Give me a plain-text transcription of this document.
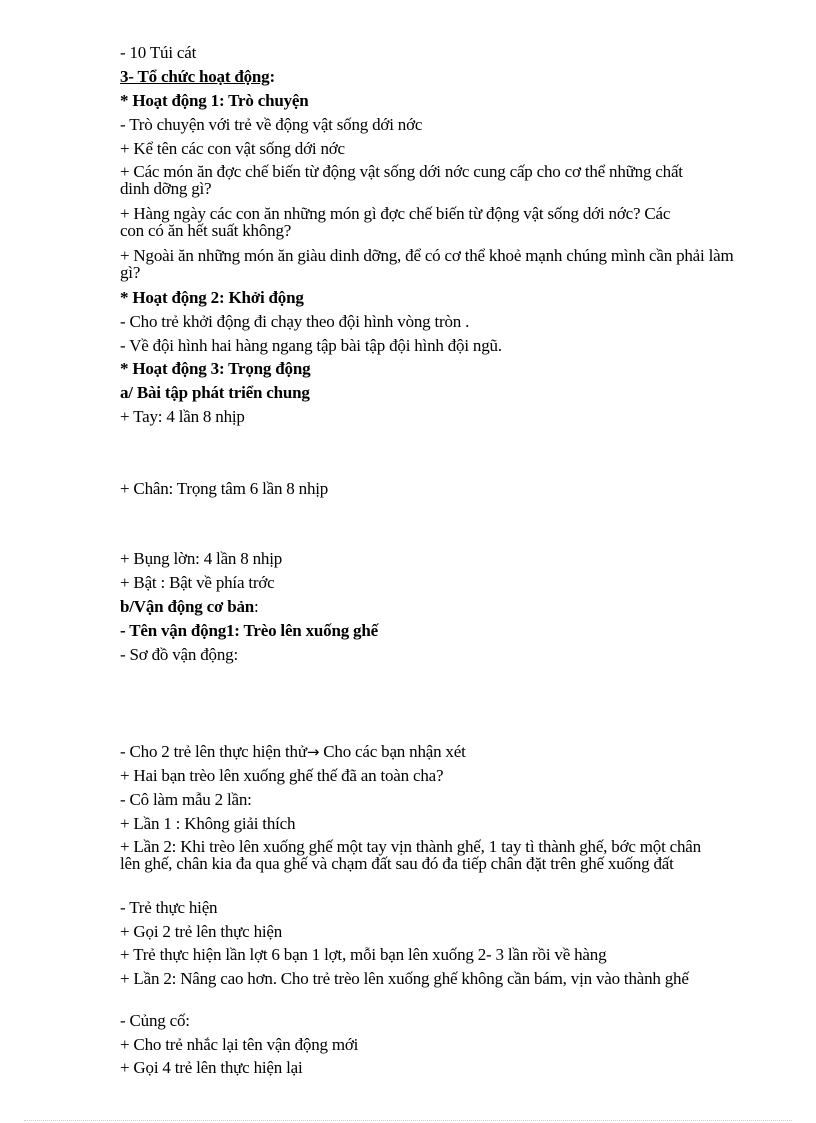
- 10 Túi cát
3- Tổ chức hoạt động:
* Hoạt động 1: Trò chuyện
- Trò chuyện với trẻ về động vật sống dới nớc
+ Kể tên các con vật sống dới nớc
+ Các món ăn đợc chế biến từ động vật sống dới nớc cung cấp cho cơ thể những chất dinh dỡng gì?
+ Hàng ngày các con ăn những món gì đợc chế biến từ động vật sống dới nớc? Các con có ăn hết suất không?
+ Ngoài ăn những món ăn giàu dinh dỡng, để có cơ thể khoẻ mạnh chúng mình cần phải làm gì?
* Hoạt động 2: Khởi động
- Cho trẻ khởi động đi chạy theo đội hình vòng tròn .
- Về đội hình hai hàng ngang tập bài tập đội hình đội ngũ.
* Hoạt động 3: Trọng động
a/ Bài tập phát triển chung
+ Tay: 4 lần 8 nhịp
+ Chân: Trọng tâm 6 lần 8 nhịp
+ Bụng lờn: 4 lần 8 nhịp
+ Bật : Bật về phía trớc
b/Vận động cơ bản:
- Tên vận động1: Trèo lên xuống ghế
- Sơ đồ vận động:
- Cho 2 trẻ lên thực hiện thử→ Cho các bạn nhận xét
+ Hai bạn trèo lên xuống ghế thế đã an toàn cha?
- Cô làm mẫu 2 lần:
+ Lần 1 : Không giải thích
+ Lần 2: Khi trèo lên xuống ghế một tay vịn thành ghế, 1 tay tì thành ghế, bớc một chân lên ghế, chân kia đa qua ghế và chạm đất sau đó đa tiếp chân đặt trên ghế xuống đất
- Trẻ thực hiện
+ Gọi 2 trẻ lên thực hiện
+ Trẻ thực hiện lần lợt 6 bạn 1 lợt, mỗi bạn lên xuống 2- 3 lần rồi về hàng
+ Lần 2: Nâng cao hơn. Cho trẻ trèo lên xuống ghế không cần bám, vịn vào thành ghế
- Củng cố:
+ Cho trẻ nhắc lại tên vận động mới
+ Gọi 4 trẻ lên thực hiện lại
